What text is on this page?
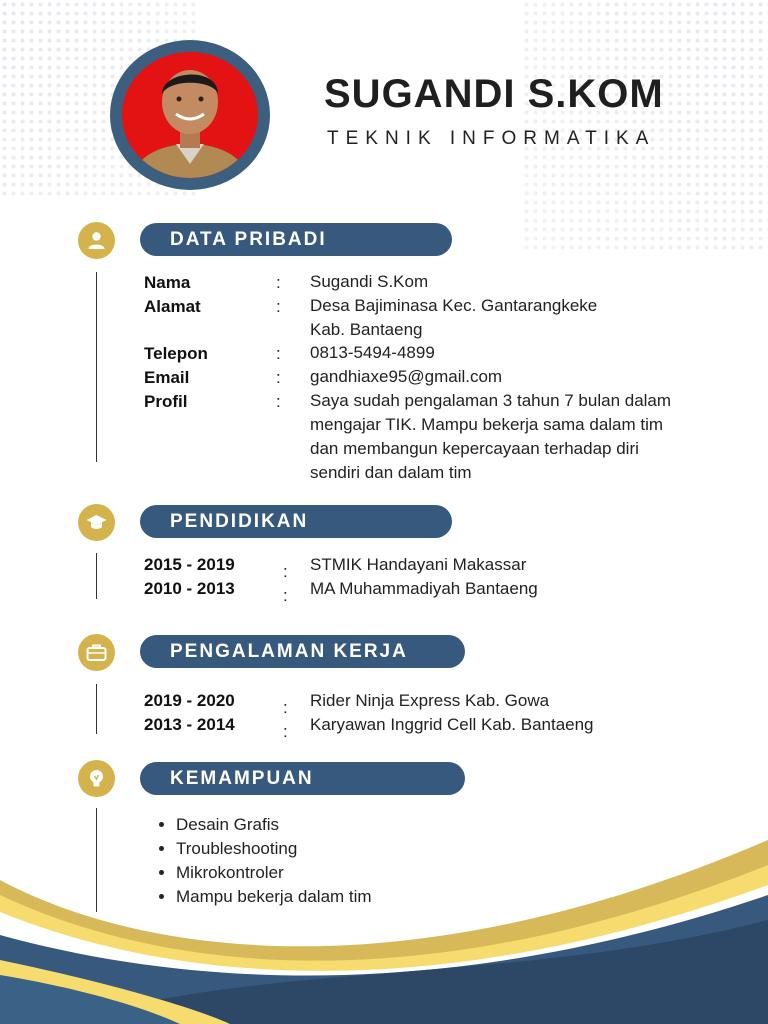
SUGANDI S.KOM
TEKNIK INFORMATIKA
DATA PRIBADI
Nama	: Sugandi S.Kom
Alamat	: Desa Bajiminasa Kec. Gantarangkeke
Kab. Bantaeng
Telepon	: 0813-5494-4899
Email	: gandhiaxe95@gmail.com
Profil	: Saya sudah pengalaman 3 tahun 7 bulan dalam
mengajar TIK. Mampu bekerja sama dalam tim
dan membangun kepercayaan terhadap diri
sendiri dan dalam tim
PENDIDIKAN
2015 - 2019	: STMIK Handayani Makassar
2010 - 2013	: MA Muhammadiyah Bantaeng
PENGALAMAN KERJA
2019 - 2020	: Rider Ninja Express Kab. Gowa
2013 - 2014	: Karyawan Inggrid Cell Kab. Bantaeng
KEMAMPUAN
• Desain Grafis
• Troubleshooting
• Mikrokontroler
• Mampu bekerja dalam tim
